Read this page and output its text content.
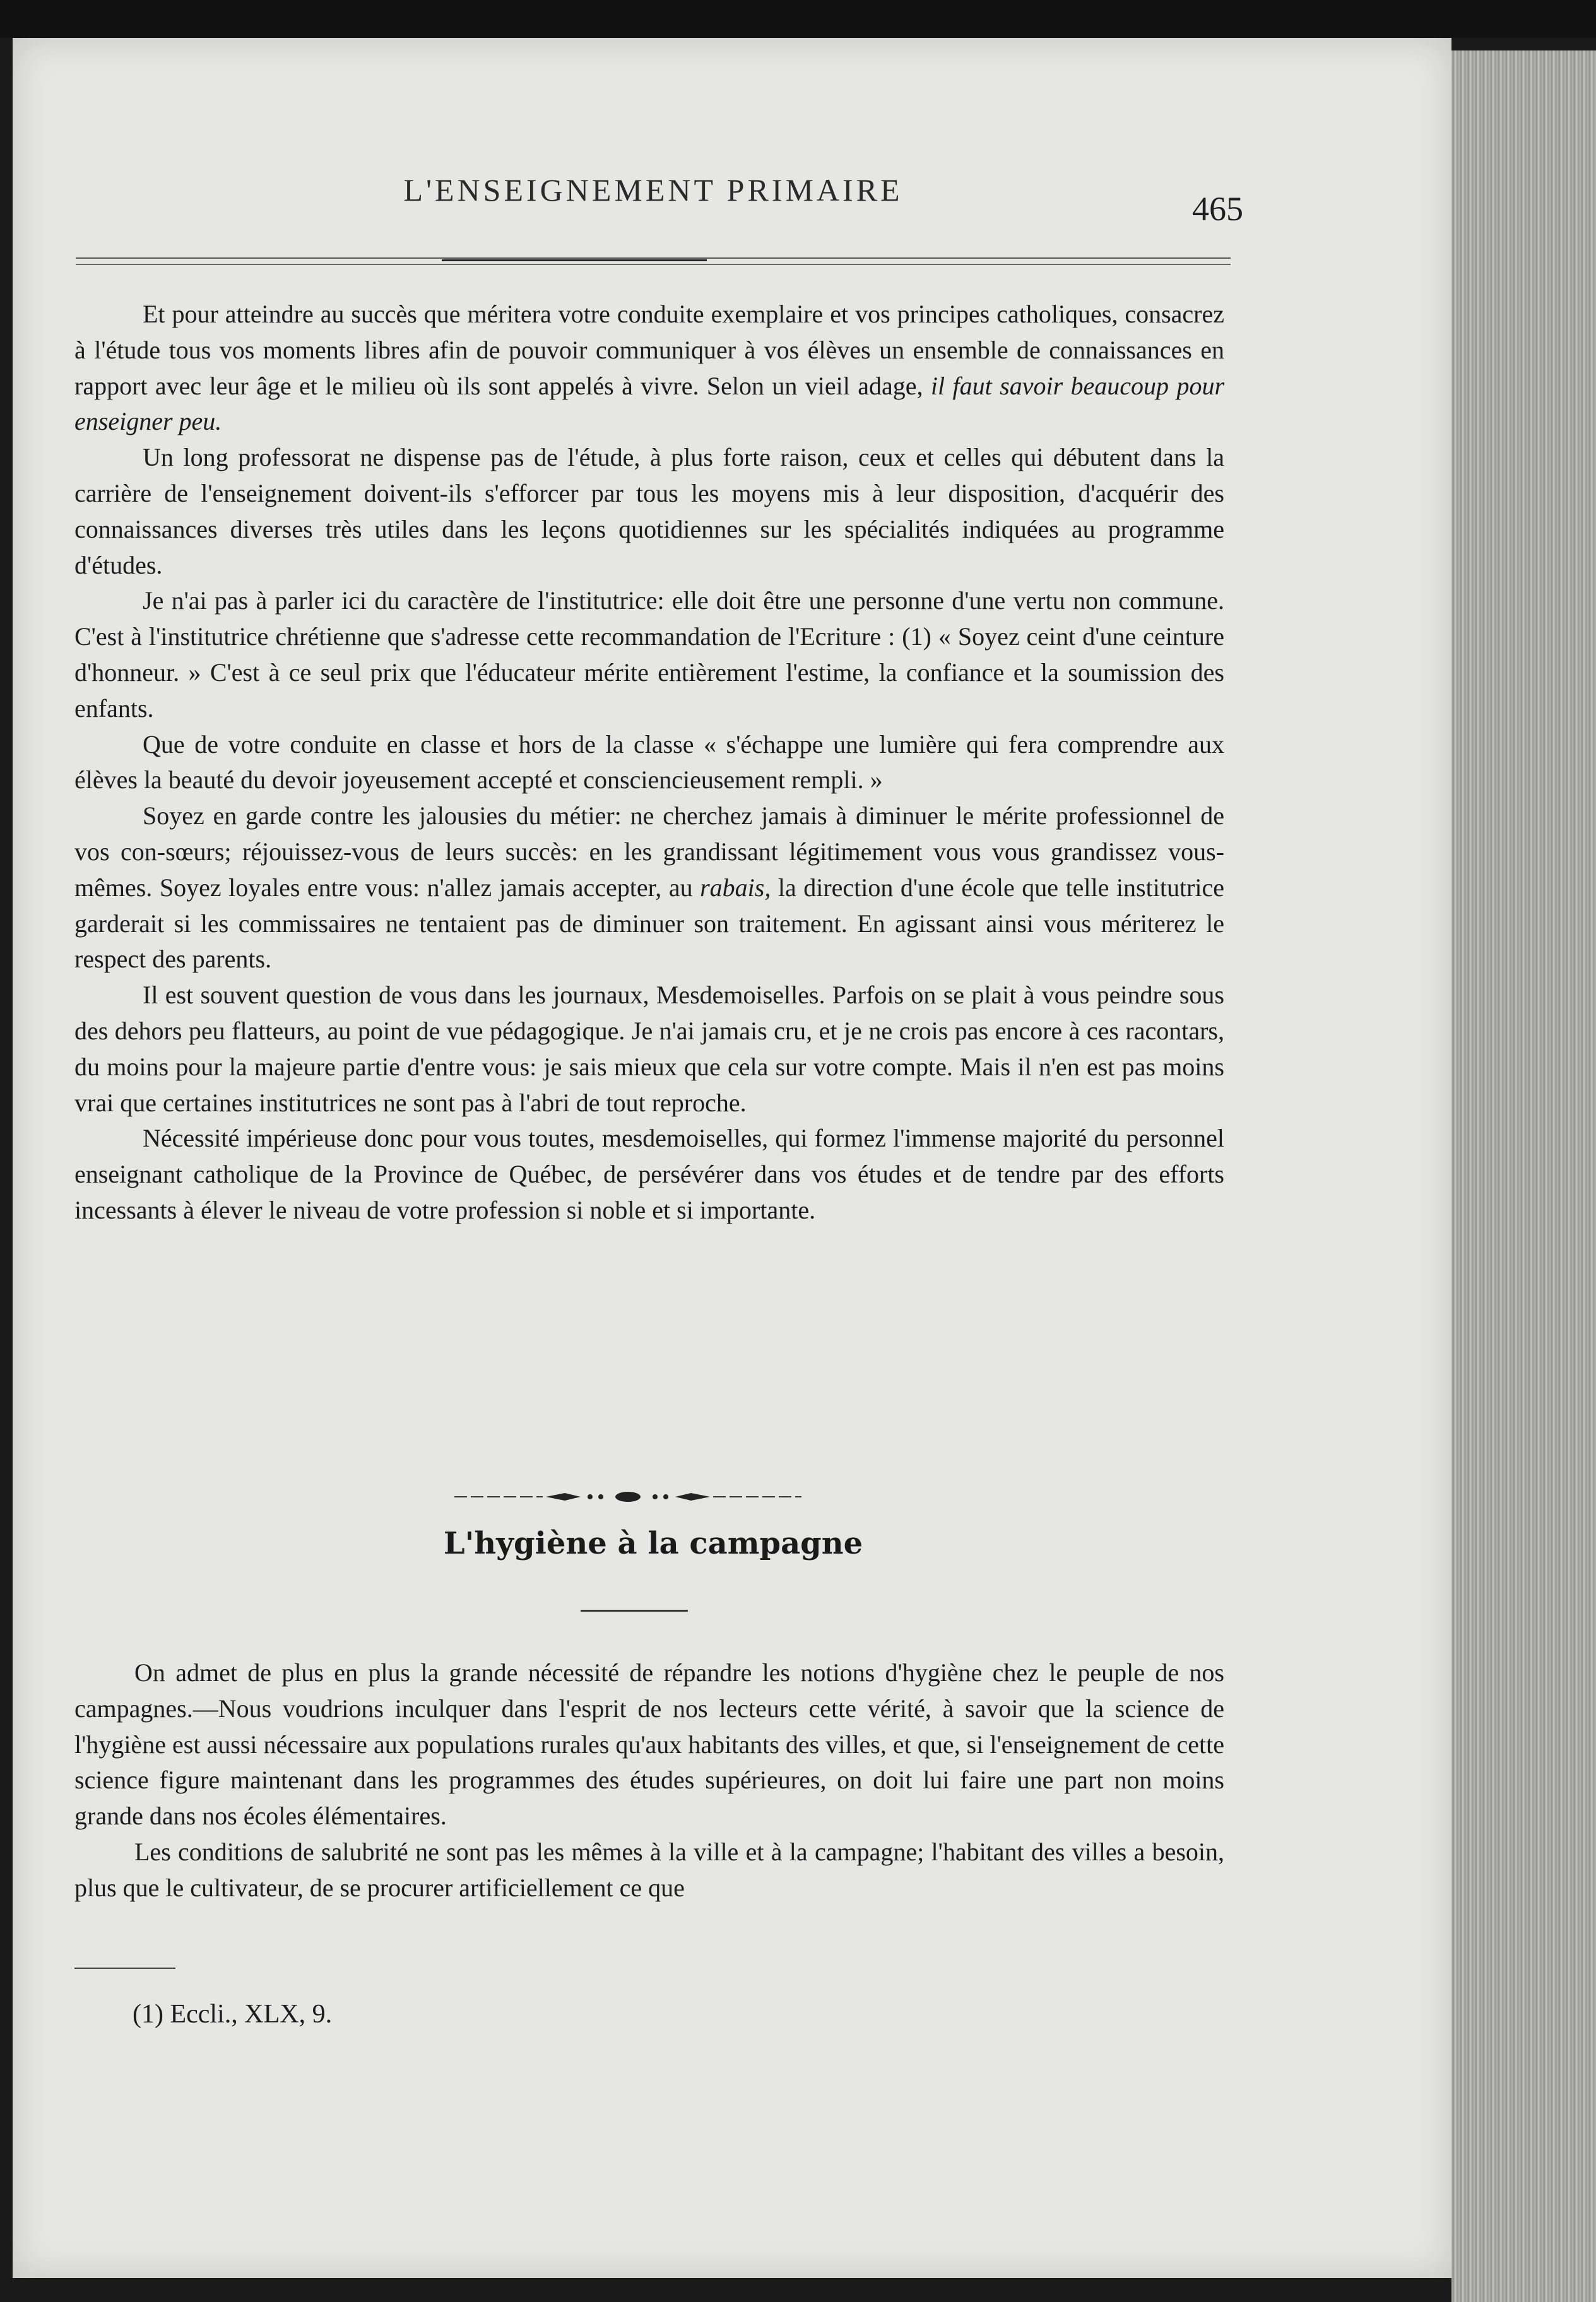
L'ENSEIGNEMENT PRIMAIRE	465

Et pour atteindre au succès que méritera votre conduite exemplaire et vos principes catholiques, consacrez à l'étude tous vos moments libres afin de pouvoir communiquer à vos élèves un ensemble de connaissances en rapport avec leur âge et le milieu où ils sont appelés à vivre. Selon un vieil adage, il faut savoir beaucoup pour enseigner peu.

Un long professorat ne dispense pas de l'étude, à plus forte raison, ceux et celles qui débutent dans la carrière de l'enseignement doivent-ils s'efforcer par tous les moyens mis à leur disposition, d'acquérir des connaissances diverses très utiles dans les leçons quotidiennes sur les spécialités indiquées au programme d'études.

Je n'ai pas à parler ici du caractère de l'institutrice: elle doit être une personne d'une vertu non commune. C'est à l'institutrice chrétienne que s'adresse cette recommandation de l'Ecriture : (1) « Soyez ceint d'une ceinture d'honneur. » C'est à ce seul prix que l'éducateur mérite entièrement l'estime, la confiance et la soumission des enfants.

Que de votre conduite en classe et hors de la classe « s'échappe une lumière qui fera comprendre aux élèves la beauté du devoir joyeusement accepté et consciencieusement rempli. »

Soyez en garde contre les jalousies du métier: ne cherchez jamais à diminuer le mérite professionnel de vos con-sœurs; réjouissez-vous de leurs succès: en les grandissant légitimement vous vous grandissez vous-mêmes. Soyez loyales entre vous: n'allez jamais accepter, au rabais, la direction d'une école que telle institutrice garderait si les commissaires ne tentaient pas de diminuer son traitement. En agissant ainsi vous mériterez le respect des parents.

Il est souvent question de vous dans les journaux, Mesdemoiselles. Parfois on se plait à vous peindre sous des dehors peu flatteurs, au point de vue pédagogique. Je n'ai jamais cru, et je ne crois pas encore à ces racontars, du moins pour la majeure partie d'entre vous: je sais mieux que cela sur votre compte. Mais il n'en est pas moins vrai que certaines institutrices ne sont pas à l'abri de tout reproche.

Nécessité impérieuse donc pour vous toutes, mesdemoiselles, qui formez l'immense majorité du personnel enseignant catholique de la Province de Québec, de persévérer dans vos études et de tendre par des efforts incessants à élever le niveau de votre profession si noble et si importante.

L'hygiène à la campagne

On admet de plus en plus la grande nécessité de répandre les notions d'hygiène chez le peuple de nos campagnes.—Nous voudrions inculquer dans l'esprit de nos lecteurs cette vérité, à savoir que la science de l'hygiène est aussi nécessaire aux populations rurales qu'aux habitants des villes, et que, si l'enseignement de cette science figure maintenant dans les programmes des études supérieures, on doit lui faire une part non moins grande dans nos écoles élémentaires.

Les conditions de salubrité ne sont pas les mêmes à la ville et à la campagne; l'habitant des villes a besoin, plus que le cultivateur, de se procurer artificiellement ce que

(1) Eccli., XLX, 9.
